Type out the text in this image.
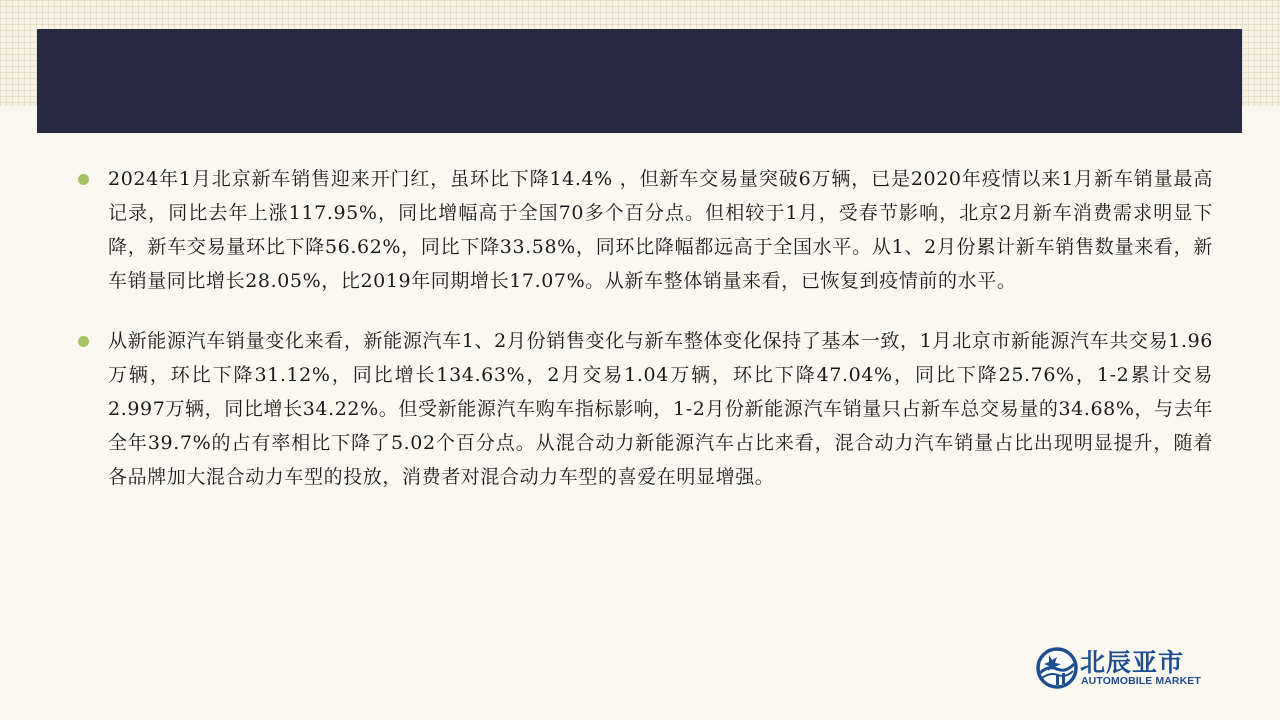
2024年1月北京新车销售迎来开门红，虽环比下降14.4% ，但新车交易量突破6万辆，已是2020年疫情以来1月新车销量最高记录，同比去年上涨117.95%，同比增幅高于全国70多个百分点。但相较于1月，受春节影响，北京2月新车消费需求明显下降，新车交易量环比下降56.62%，同比下降33.58%，同环比降幅都远高于全国水平。从1、2月份累计新车销售数量来看，新车销量同比增长28.05%，比2019年同期增长17.07%。从新车整体销量来看，已恢复到疫情前的水平。

从新能源汽车销量变化来看，新能源汽车1、2月份销售变化与新车整体变化保持了基本一致，1月北京市新能源汽车共交易1.96万辆，环比下降31.12%，同比增长134.63%，2月交易1.04万辆，环比下降47.04%，同比下降25.76%，1-2累计交易2.997万辆，同比增长34.22%。但受新能源汽车购车指标影响，1-2月份新能源汽车销量只占新车总交易量的34.68%，与去年全年39.7%的占有率相比下降了5.02个百分点。从混合动力新能源汽车占比来看，混合动力汽车销量占比出现明显提升，随着各品牌加大混合动力车型的投放，消费者对混合动力车型的喜爱在明显增强。

北辰亚市
AUTOMOBILE MARKET
